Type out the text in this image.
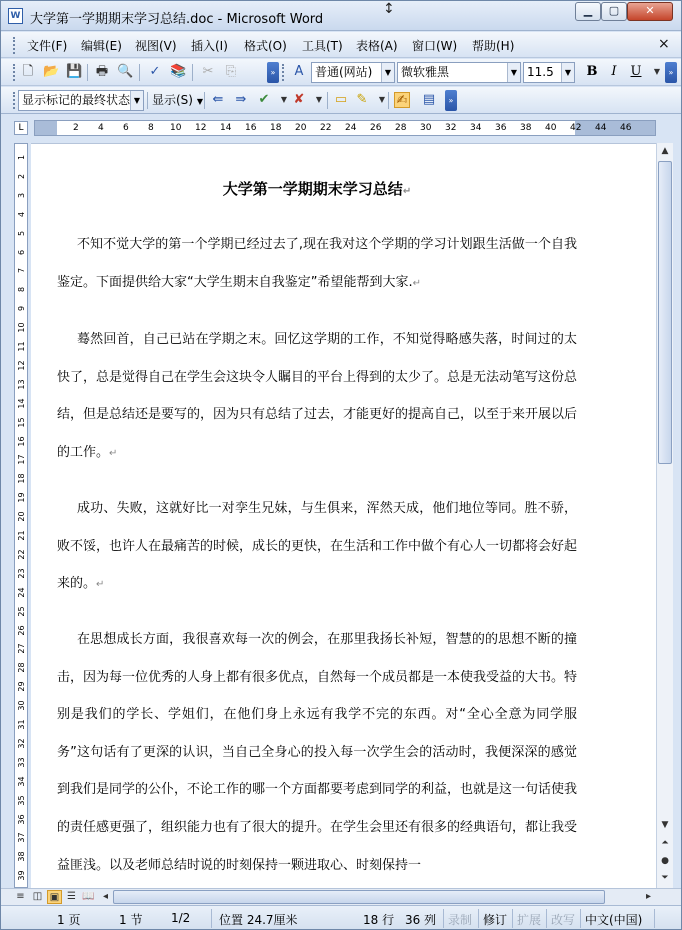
W 大学第一学期期末学习总结.doc - Microsoft Word
↕	▁	▢	✕
文件(F) 编辑(E) 视图(V) 插入(I) 格式(O) 工具(T) 表格(A) 窗口(W) 帮助(H)	×
🗋 📂 💾 🖶 🔍 ✓ 📚 ✂ ⎘	» A 普通(网站)	▼ 微软雅黑	▼ 11.5	▼	B	I	U	▼	»
显示标记的最终状态 ▼ 显示(S) ▼ ⇚ ⇛ ✔	▼ ✘	▼ ▭ ✎	▼ ✍ ▤	»
L	2 4 6 8 10 12 14 16 18 20 22 24 26 28 30 32 34 36 38 40 42 44 46
1
2
3
4
5
6
7
8
9
10
11
12
13
14
15
16
17
18
19
20
21
22
23
24
25
26
27
28
29
30
31
32
33
34
35
36
37
38
39
大学第一学期期末学习总结↵

不知不觉大学的第一个学期已经过去了,现在我对这个学期的学习计划跟生活做一个自我鉴定。下面提供给大家“大学生期末自我鉴定”希望能帮到大家.↵

蓦然回首，自己已站在学期之末。回忆这学期的工作，不知觉得略感失落，时间过的太快了，总是觉得自己在学生会这块令人瞩目的平台上得到的太少了。总是无法动笔写这份总结，但是总结还是要写的，因为只有总结了过去，才能更好的提高自己，以至于来开展以后的工作。↵

成功、失败，这就好比一对孪生兄妹，与生俱来，浑然天成，他们地位等同。胜不骄，败不馁，也许人在最痛苦的时候，成长的更快，在生活和工作中做个有心人一切都将会好起来的。↵

在思想成长方面，我很喜欢每一次的例会，在那里我扬长补短，智慧的的思想不断的撞击，因为每一位优秀的人身上都有很多优点，自然每一个成员都是一本使我受益的大书。特别是我们的学长、学姐们，在他们身上永远有我学不完的东西。对“全心全意为同学服务”这句话有了更深的认识，当自己全身心的投入每一次学生会的活动时，我便深深的感觉到我们是同学的公仆，不论工作的哪一个方面都要考虑到同学的利益，也就是这一句话使我的责任感更强了，组织能力也有了很大的提升。在学生会里还有很多的经典语句，都让我受益匪浅。以及老师总结时说的时刻保持一颗进取心、时刻保持一

▲
▼
⏶
●
⏷
≡ ◫ ▣ ☰ 📖 ◂	▸
1 页	1 节 1/2 位置 24.7厘米	18 行 36 列 录制 修订 扩展 改写 中文(中国)
